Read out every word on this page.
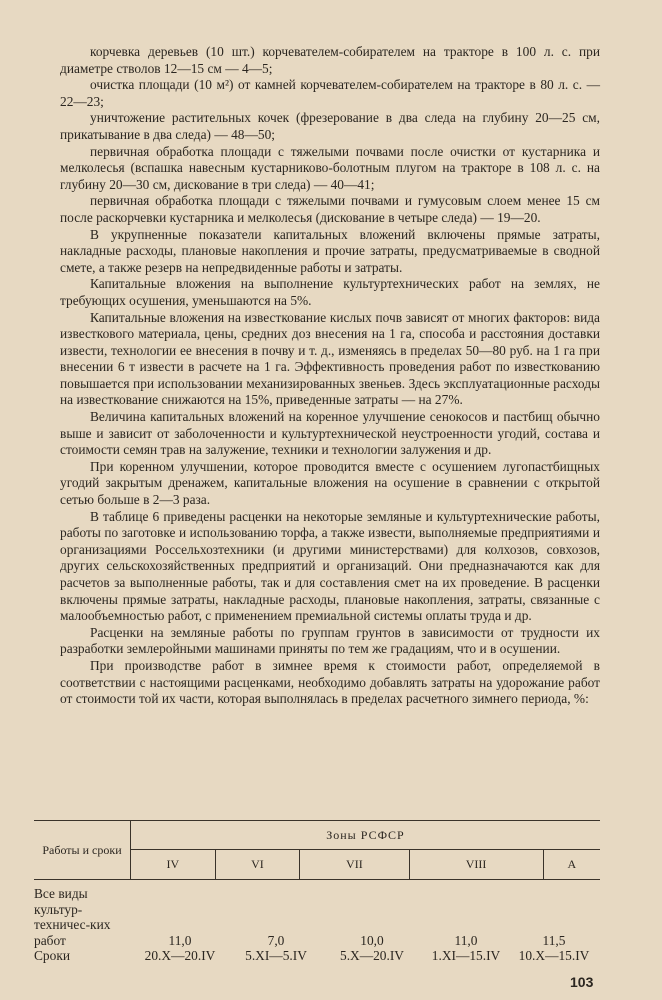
корчевка деревьев (10 шт.) корчевателем-собирателем на тракторе в 100 л. с. при диаметре стволов 12—15 см — 4—5;

очистка площади (10 м²) от камней корчевателем-собирателем на тракторе в 80 л. с. — 22—23;

уничтожение растительных кочек (фрезерование в два следа на глубину 20—25 см, прикатывание в два следа) — 48—50;

первичная обработка площади с тяжелыми почвами после очистки от кустарника и мелколесья (вспашка навесным кустарниково-болотным плугом на тракторе в 108 л. с. на глубину 20—30 см, дискование в три следа) — 40—41;

первичная обработка площади с тяжелыми почвами и гумусовым слоем менее 15 см после раскорчевки кустарника и мелколесья (дискование в четыре следа) — 19—20.

В укрупненные показатели капитальных вложений включены прямые затраты, накладные расходы, плановые накопления и прочие затраты, предусматриваемые в сводной смете, а также резерв на непредвиденные работы и затраты.

Капитальные вложения на выполнение культуртехнических работ на землях, не требующих осушения, уменьшаются на 5%.

Капитальные вложения на известкование кислых почв зависят от многих факторов: вида известкового материала, цены, средних доз внесения на 1 га, способа и расстояния доставки извести, технологии ее внесения в почву и т. д., изменяясь в пределах 50—80 руб. на 1 га при внесении 6 т извести в расчете на 1 га. Эффективность проведения работ по известкованию повышается при использовании механизированных звеньев. Здесь эксплуатационные расходы на известкование снижаются на 15%, приведенные затраты — на 27%.

Величина капитальных вложений на коренное улучшение сенокосов и пастбищ обычно выше и зависит от заболоченности и культуртехнической неустроенности угодий, состава и стоимости семян трав на залужение, техники и технологии залужения и др.

При коренном улучшении, которое проводится вместе с осушением лугопастбищных угодий закрытым дренажем, капитальные вложения на осушение в сравнении с открытой сетью больше в 2—3 раза.

В таблице 6 приведены расценки на некоторые земляные и культуртехнические работы, работы по заготовке и использованию торфа, а также извести, выполняемые предприятиями и организациями Россельхозтехники (и другими министерствами) для колхозов, совхозов, других сельскохозяйственных предприятий и организаций. Они предназначаются как для расчетов за выполненные работы, так и для составления смет на их проведение. В расценки включены прямые затраты, накладные расходы, плановые накопления, затраты, связанные с малообъемностью работ, с применением премиальной системы оплаты труда и др.

Расценки на земляные работы по группам грунтов в зависимости от трудности их разработки землеройными машинами приняты по тем же градациям, что и в осушении.

При производстве работ в зимнее время к стоимости работ, определяемой в соответствии с настоящими расценками, необходимо добавлять затраты на удорожание работ от стоимости той их части, которая выполнялась в пределах расчетного зимнего периода, %:

Работы и сроки	Зоны РСФСР				
	IV	VI	VII	VIII	A
Все виды культур-техничес-ких работ	11,0	7,0	10,0	11,0	11,5
Сроки	20.X—20.IV	5.XI—5.IV	5.X—20.IV	1.XI—15.IV	10.X—15.IV
103
